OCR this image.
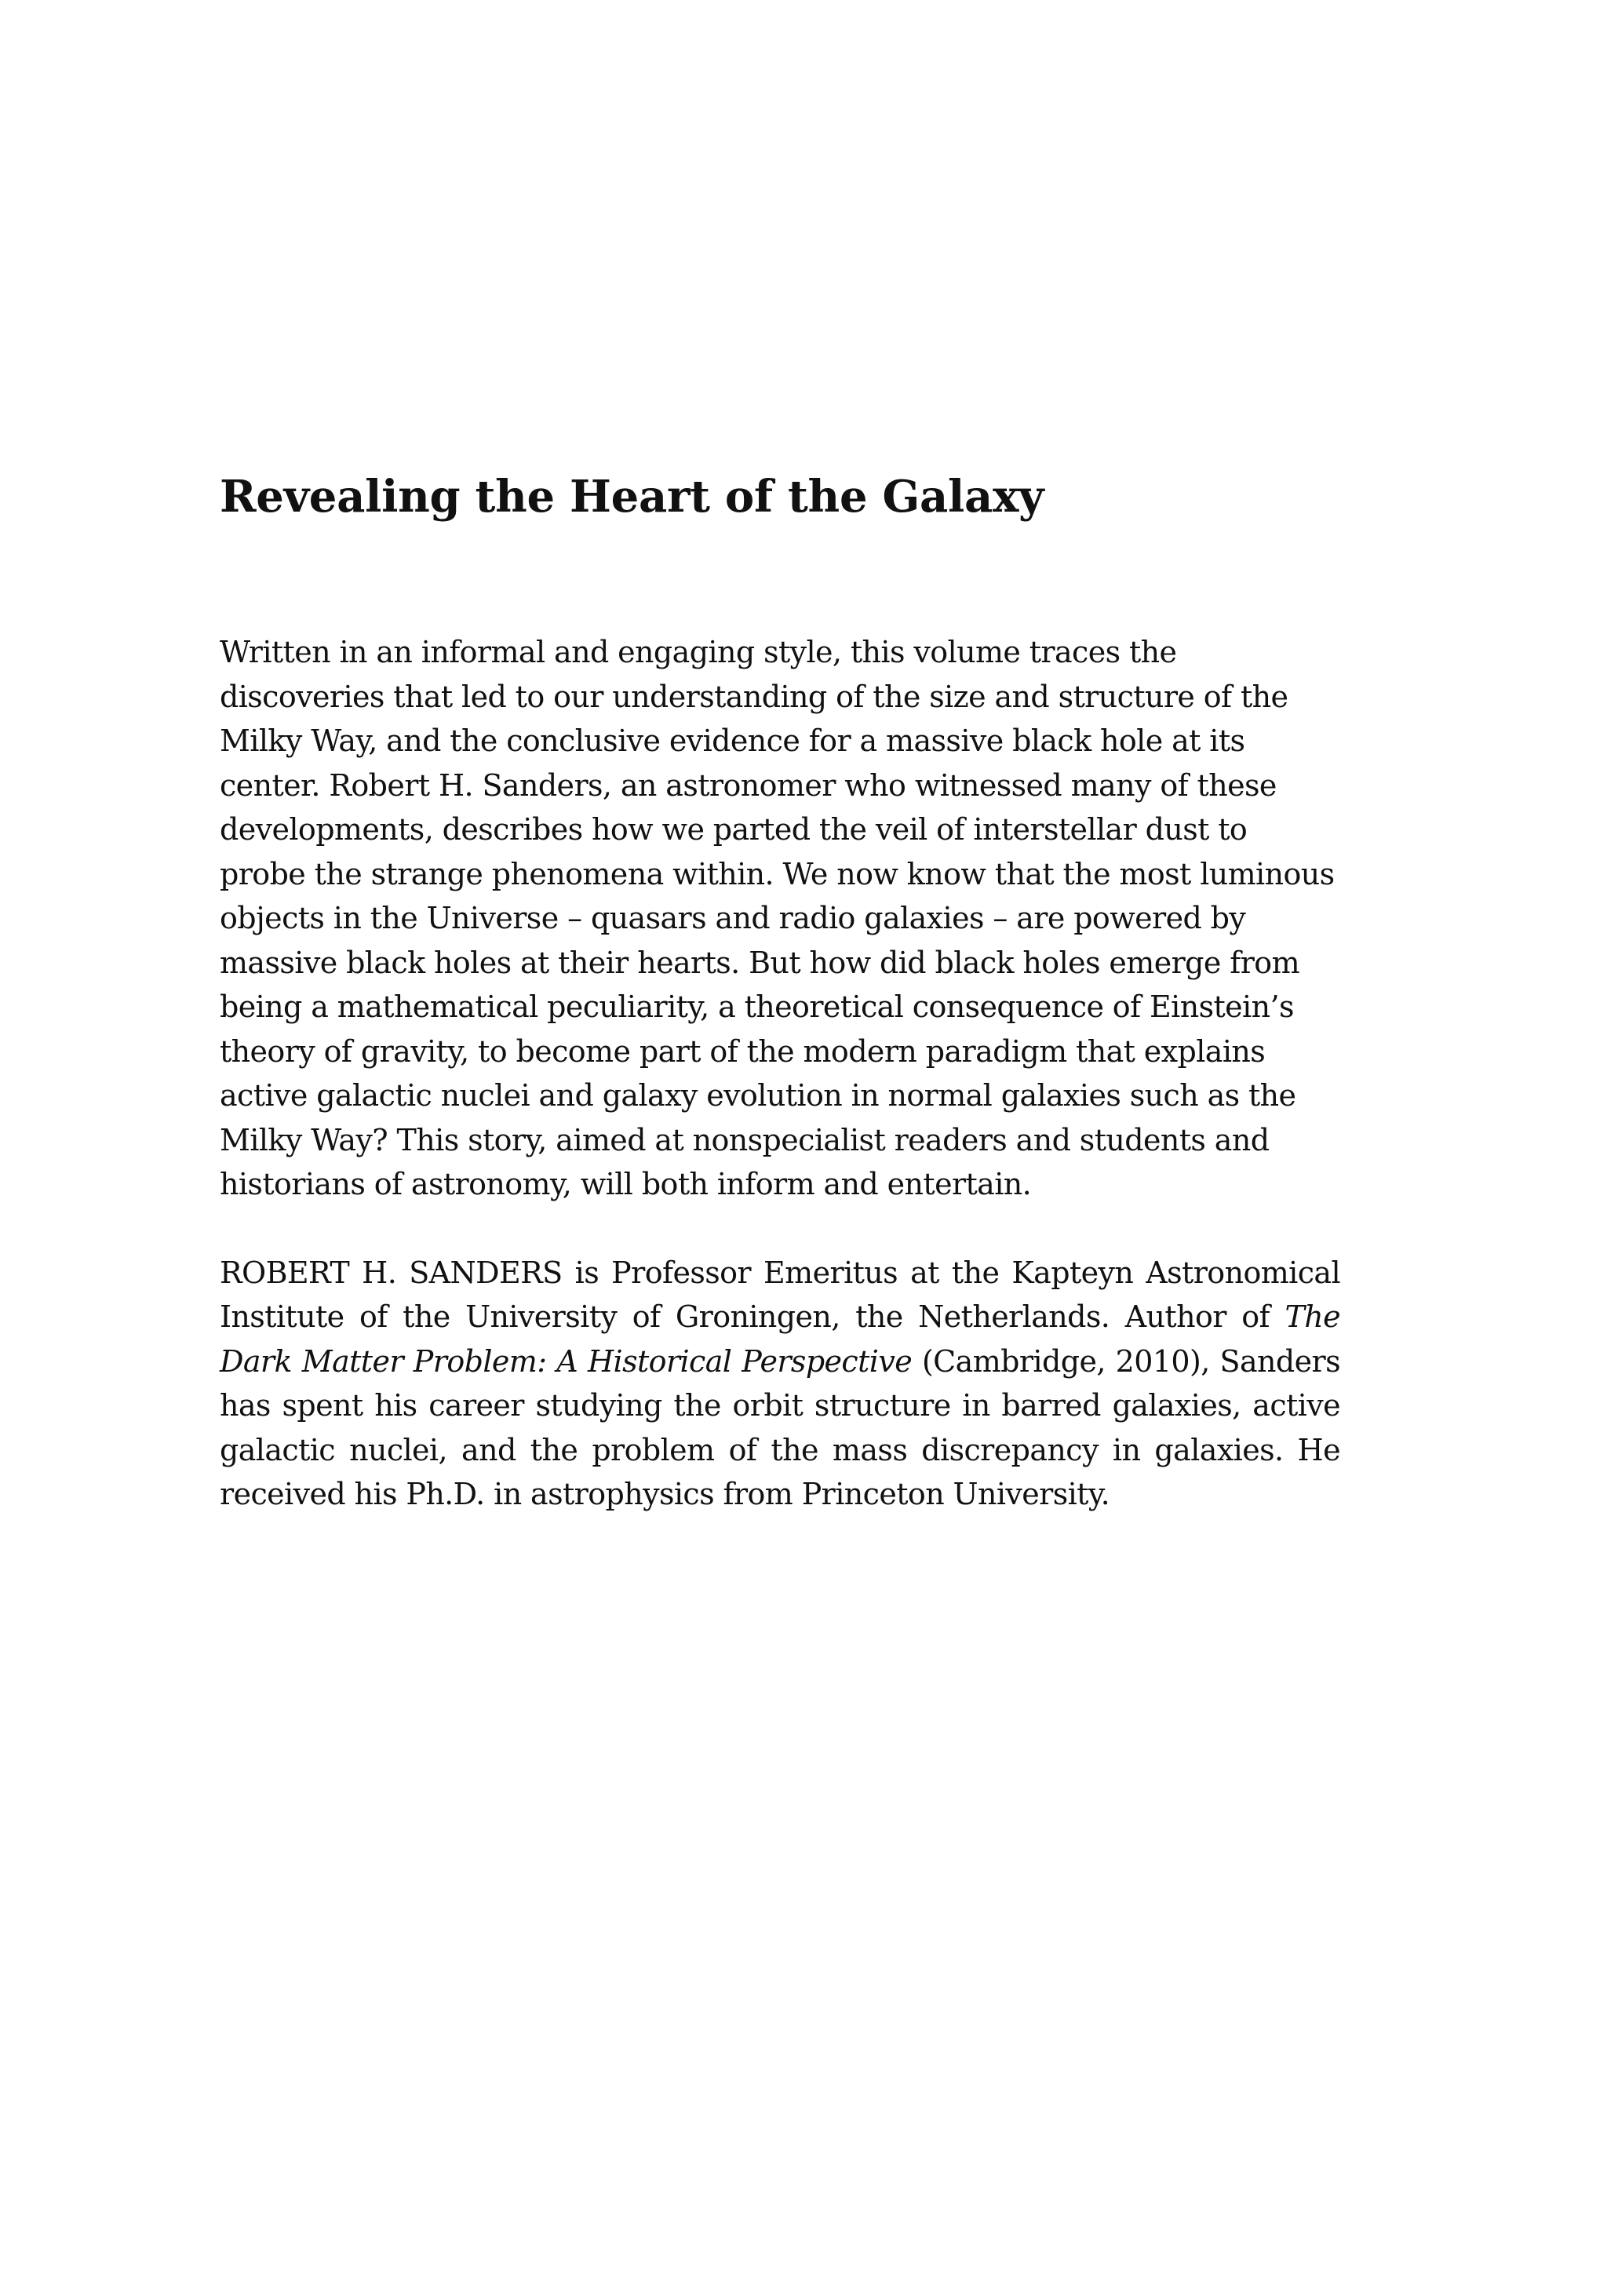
Revealing the Heart of the Galaxy

Written in an informal and engaging style, this volume traces the discoveries that led to our understanding of the size and structure of the Milky Way, and the conclusive evidence for a massive black hole at its center. Robert H. Sanders, an astronomer who witnessed many of these developments, describes how we parted the veil of interstellar dust to probe the strange phenomena within. We now know that the most luminous objects in the Universe – quasars and radio galaxies – are powered by massive black holes at their hearts. But how did black holes emerge from being a mathematical peculiarity, a theoretical consequence of Einstein’s theory of gravity, to become part of the modern paradigm that explains active galactic nuclei and galaxy evolution in normal galaxies such as the Milky Way? This story, aimed at nonspecialist readers and students and historians of astronomy, will both inform and entertain.

ROBERT H. SANDERS is Professor Emeritus at the Kapteyn Astronomical Institute of the University of Groningen, the Netherlands. Author of The Dark Matter Problem: A Historical Perspective (Cambridge, 2010), Sanders has spent his career studying the orbit structure in barred galaxies, active galactic nuclei, and the problem of the mass discrepancy in galaxies. He received his Ph.D. in astrophysics from Princeton University.
